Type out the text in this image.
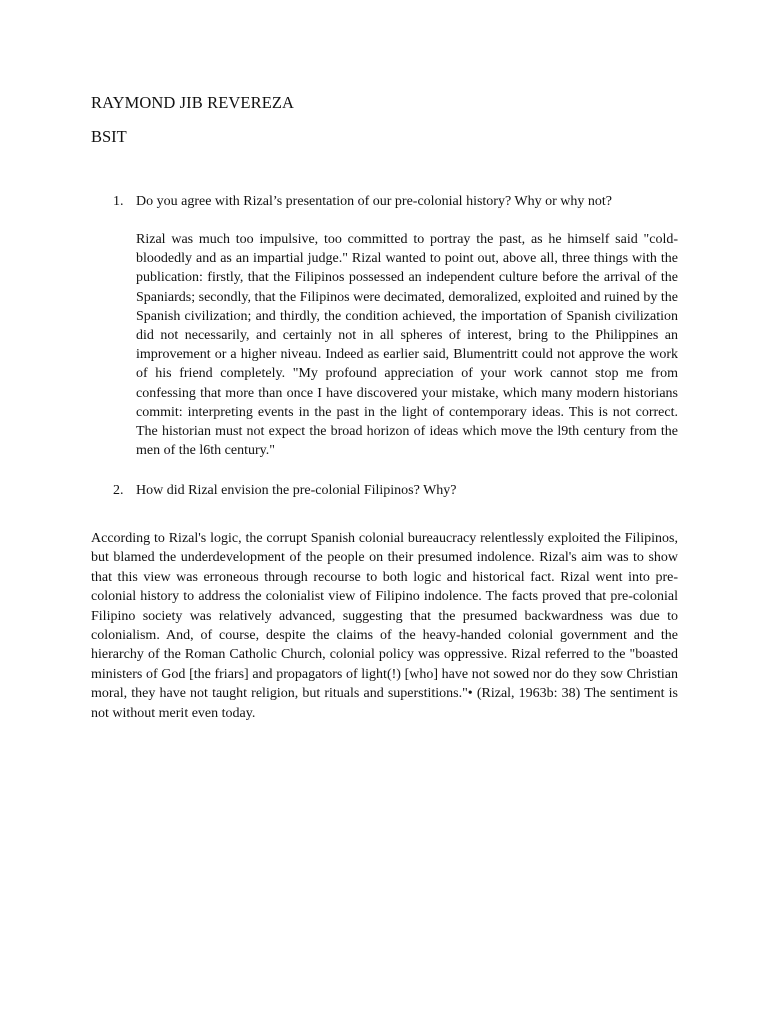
RAYMOND JIB REVEREZA
BSIT
1. Do you agree with Rizal’s presentation of our pre-colonial history? Why or why not?
Rizal was much too impulsive, too committed to portray the past, as he himself said "cold-bloodedly and as an impartial judge." Rizal wanted to point out, above all, three things with the publication: firstly, that the Filipinos possessed an independent culture before the arrival of the Spaniards; secondly, that the Filipinos were decimated, demoralized, exploited and ruined by the Spanish civilization; and thirdly, the condition achieved, the importation of Spanish civilization did not necessarily, and certainly not in all spheres of interest, bring to the Philippines an improvement or a higher niveau. Indeed as earlier said, Blumentritt could not approve the work of his friend completely. "My profound appreciation of your work cannot stop me from confessing that more than once I have discovered your mistake, which many modern historians commit: interpreting events in the past in the light of contemporary ideas. This is not correct. The historian must not expect the broad horizon of ideas which move the l9th century from the men of the l6th century."
2. How did Rizal envision the pre-colonial Filipinos? Why?
According to Rizal's logic, the corrupt Spanish colonial bureaucracy relentlessly exploited the Filipinos, but blamed the underdevelopment of the people on their presumed indolence. Rizal's aim was to show that this view was erroneous through recourse to both logic and historical fact. Rizal went into pre-colonial history to address the colonialist view of Filipino indolence. The facts proved that pre-colonial Filipino society was relatively advanced, suggesting that the presumed backwardness was due to colonialism. And, of course, despite the claims of the heavy-handed colonial government and the hierarchy of the Roman Catholic Church, colonial policy was oppressive. Rizal referred to the "boasted ministers of God [the friars] and propagators of light(!) [who] have not sowed nor do they sow Christian moral, they have not taught religion, but rituals and superstitions."• (Rizal, 1963b: 38) The sentiment is not without merit even today.
